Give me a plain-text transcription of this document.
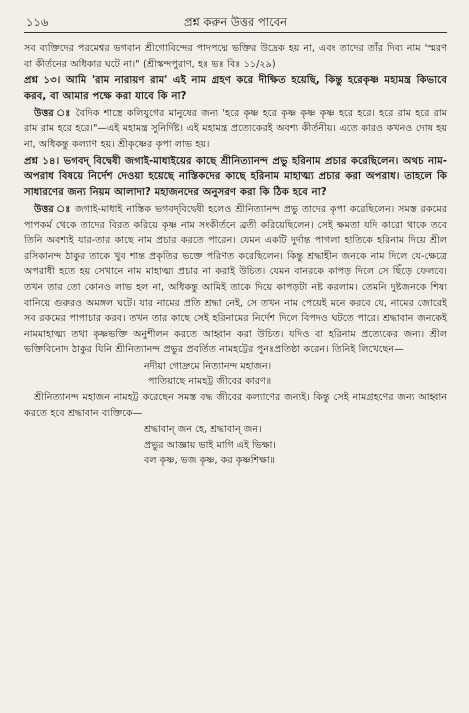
১১৬	প্রশ্ন করুন উত্তর পাবেন

সব ব্যক্তিদের পরমেশ্বর ভগবান শ্রীগোবিন্দের পাদপদ্মে ভক্তির উদ্রেক হয় না, এবং তাদের তাঁর দিব্য নাম 'স্মরণ বা কীর্তনের অধিকার ঘটে না।" (শ্রীস্কন্দপুরাণ, হঃ ভঃ বিঃ ১১/২৯)

প্রশ্ন ১৩। আমি 'রাম নারায়ণ রাম' এই নাম গ্রহণ করে দীক্ষিত হয়েছি, কিন্তু হরেকৃষ্ণ মহামন্ত্র কিভাবে করব, বা আমার পক্ষে করা যাবে কি না?

উত্তর ঃ বৈদিক শাস্ত্রে কলিযুগের মানুষের জন্য 'হরে কৃষ্ণ হরে কৃষ্ণ কৃষ্ণ কৃষ্ণ হরে হরে। হরে রাম হরে রাম রাম রাম হরে হরে।"—এই মহামন্ত্র সুনির্দিষ্ট। এই মহামন্ত্র প্রত্যেকেরই অবশ্য কীর্তনীয়। এতে কারও কখনও দোষ হয় না, অধিকন্তু কল্যাণ হয়। শ্রীকৃষ্ণের কৃপা লাভ হয়।

প্রশ্ন ১৪। ভগবদ্ বিদ্বেষী জগাই-মাধাইয়ের কাছে শ্রীনিত্যানন্দ প্রভু হরিনাম প্রচার করেছিলেন। অথচ নাম-অপরাধ বিষয়ে নির্দেশ দেওয়া হয়েছে নাস্তিকদের কাছে হরিনাম মাহাত্ম্য প্রচার করা অপরাধ। তাহলে কি সাধারণের জন্য নিয়ম আলাদা? মহাজনদের অনুসরণ করা কি ঠিক হবে না?

উত্তর ঃ জগাই-মাধাই নাস্তিক ভগবদ্‌বিদ্বেষী হলেও শ্রীনিত্যানন্দ প্রভু তাদের কৃপা করেছিলেন। সমস্ত রকমের পাপকর্ম থেকে তাদের বিরত করিয়ে কৃষ্ণ নাম সংকীর্তনে ব্রতী করিয়েছিলেন। সেই ক্ষমতা যদি কারো থাকে তবে তিনি অবশ্যই যার-তার কাছে নাম প্রচার করতে পারেন। যেমন একটি দুর্দান্ত পাগলা হাতিকে হরিনাম দিয়ে শ্রীল রসিকানন্দ ঠাকুর তাকে খুব শান্ত প্রকৃতির ভক্তে পরিণত করেছিলেন। কিন্তু শ্রদ্ধাহীন জনকে নাম দিলে যে-ক্ষেত্রে অপরাধী হতে হয় সেখানে নাম মাহাত্ম্য প্রচার না করাই উচিত। যেমন বানরকে কাপড় দিলে সে ছিঁড়ে ফেলবে। তখন তার তো কোনও লাভ হল না, অধিকন্তু আমিই তাকে দিয়ে কাপড়টা নষ্ট করলাম। তেমনি দুষ্টজনকে শিষ্য বানিয়ে গুরুরও অমঙ্গল ঘটে। যার নামের প্রতি শ্রদ্ধা নেই, সে তখন নাম পেয়েই মনে করবে যে, নামের জোরেই সব রকমের পাপাচার করব। তখন তার কাছে সেই হরিনামের নির্দেশ দিলে বিপদও ঘটতে পারে। শ্রদ্ধাবান জনকেই নামমাহাত্ম্য তথা কৃষ্ণভক্তি অনুশীলন করতে আহ্বান করা উচিত। যদিও বা হরিনাম প্রত্যেকের জন্য। শ্রীল ভক্তিবিনোদ ঠাকুর যিনি শ্রীনিত্যানন্দ প্রভুর প্রবর্তিত নামহট্টের পুনঃপ্রতিষ্ঠা করেন। তিনিই লিখেছেন—

নদীয়া গোদ্রুমে নিত্যানন্দ মহাজন।
পাতিয়াছে নামহট্ট জীবের কারণ॥

শ্রীনিত্যানন্দ মহাজন নামহট্ট করেছেন সমস্ত বদ্ধ জীবের কল্যাণের জন্যই। কিন্তু সেই নামগ্রহণের জন্য আহ্বান করতে হবে শ্রদ্ধাবান ব্যক্তিকে—

শ্রদ্ধাবান্ জন হে, শ্রদ্ধাবান্ জন।
প্রভুর আজ্ঞায় ভাই মাগি এই ভিক্ষা।
বল কৃষ্ণ, ভজ কৃষ্ণ, কর কৃষ্ণশিক্ষা॥
